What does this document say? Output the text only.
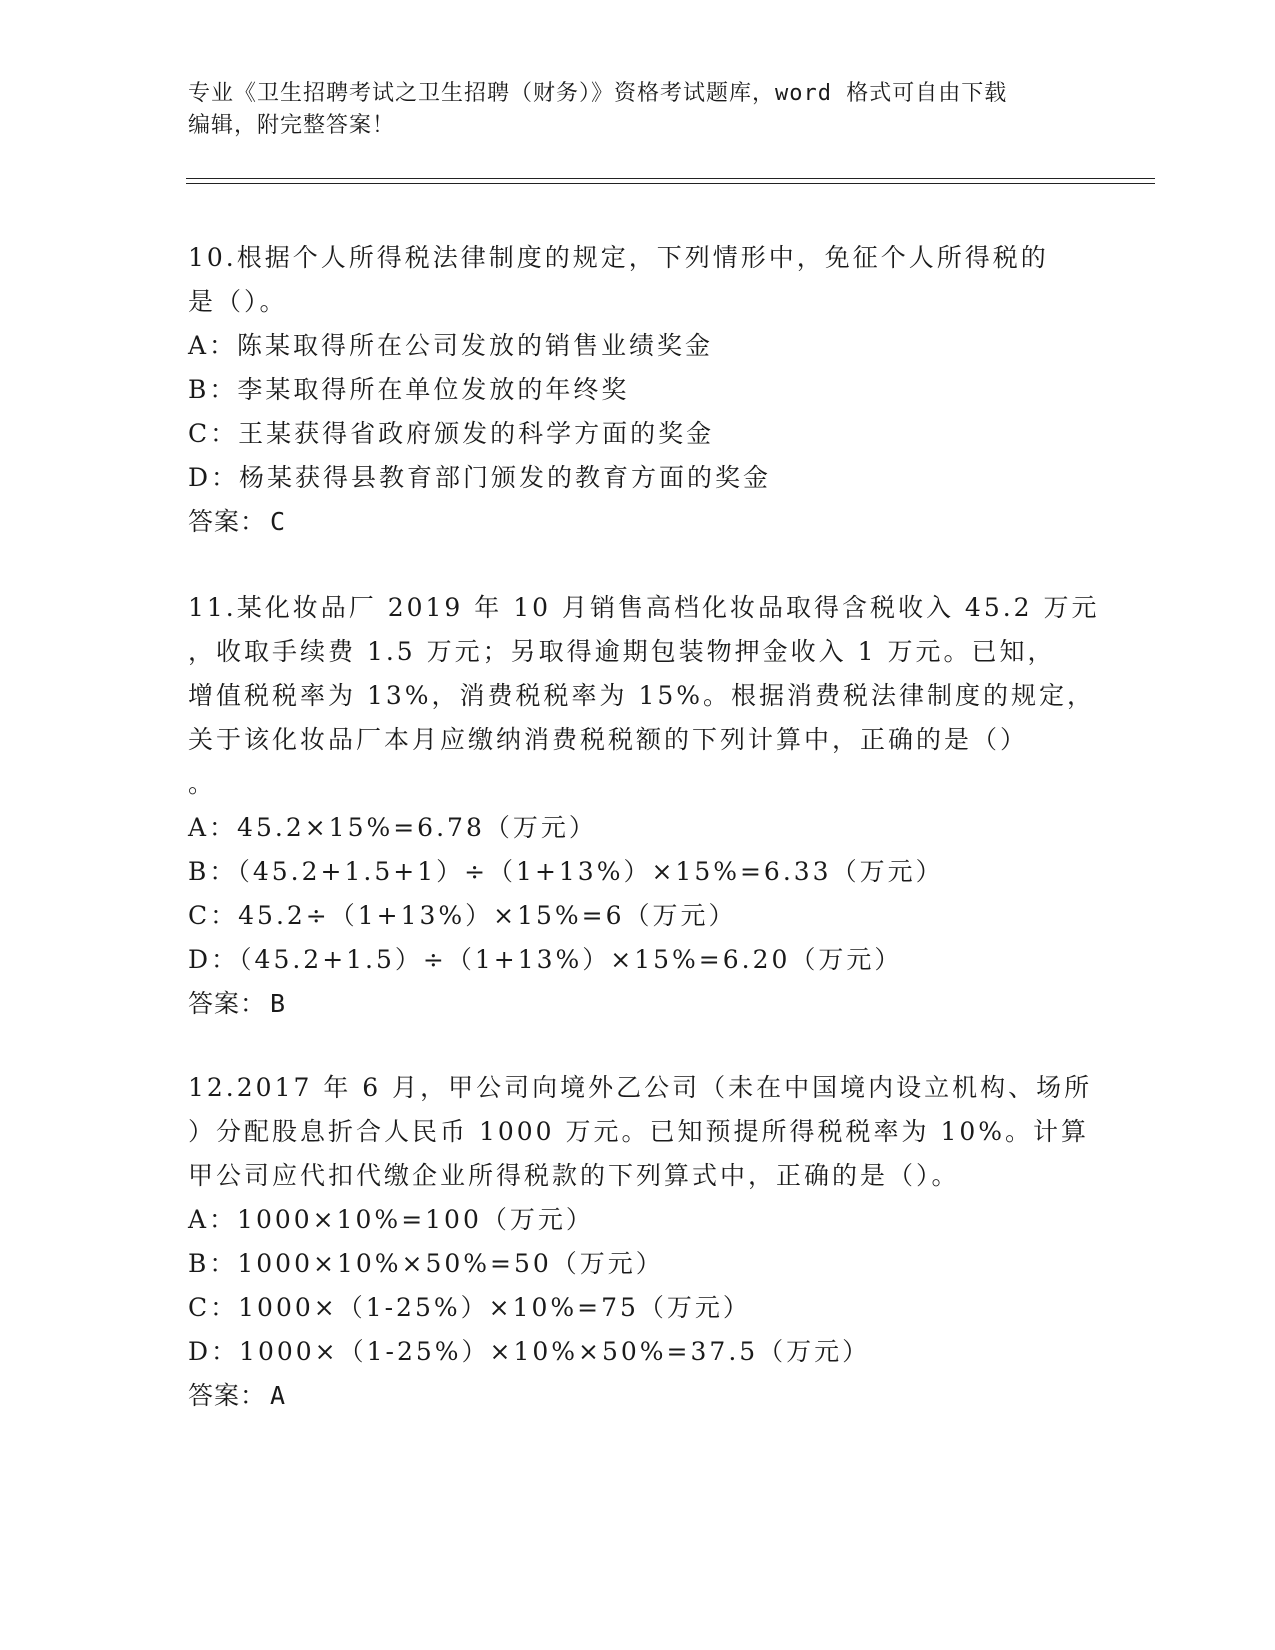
专业《卫生招聘考试之卫生招聘（财务）》资格考试题库，word 格式可自由下载
编辑，附完整答案！
10.根据个人所得税法律制度的规定，下列情形中，免征个人所得税的
是（）。
A：陈某取得所在公司发放的销售业绩奖金
B：李某取得所在单位发放的年终奖
C：王某获得省政府颁发的科学方面的奖金
D：杨某获得县教育部门颁发的教育方面的奖金
答案： C
11.某化妆品厂 2019 年 10 月销售高档化妆品取得含税收入 45.2 万元
，收取手续费 1.5 万元；另取得逾期包装物押金收入 1 万元。已知，
增值税税率为 13%，消费税税率为 15%。根据消费税法律制度的规定，
关于该化妆品厂本月应缴纳消费税税额的下列计算中，正确的是（）
。
A：45.2×15%=6.78（万元）
B：（45.2+1.5+1）÷（1+13%）×15%=6.33（万元）
C：45.2÷（1+13%）×15%=6（万元）
D：（45.2+1.5）÷（1+13%）×15%=6.20（万元）
答案： B
12.2017 年 6 月，甲公司向境外乙公司（未在中国境内设立机构、场所
）分配股息折合人民币 1000 万元。已知预提所得税税率为 10%。计算
甲公司应代扣代缴企业所得税款的下列算式中，正确的是（）。
A：1000×10%=100（万元）
B：1000×10%×50%=50（万元）
C：1000×（1-25%）×10%=75（万元）
D：1000×（1-25%）×10%×50%=37.5（万元）
答案： A
